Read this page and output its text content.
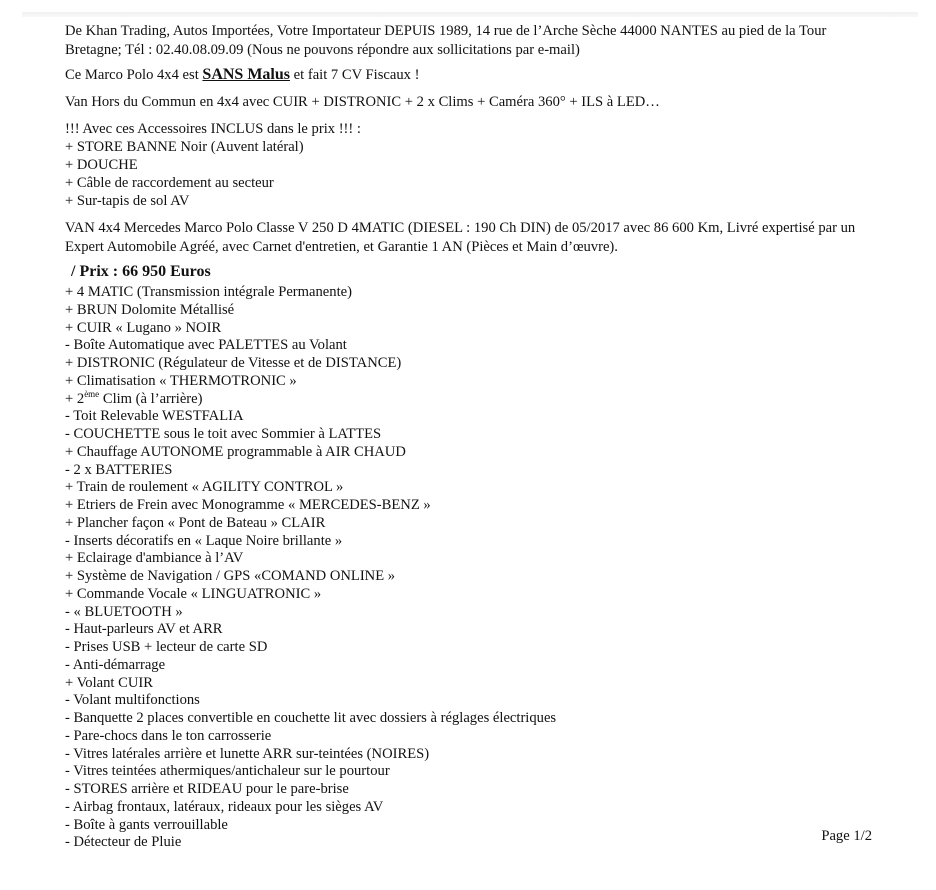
De Khan Trading, Autos Importées, Votre Importateur DEPUIS 1989, 14 rue de l’Arche Sèche 44000 NANTES au pied de la Tour Bretagne; Tél : 02.40.08.09.09 (Nous ne pouvons répondre aux sollicitations par e-mail)

Ce Marco Polo 4x4 est SANS Malus et fait 7 CV Fiscaux !

Van Hors du Commun en 4x4 avec CUIR + DISTRONIC + 2 x Clims + Caméra 360° + ILS à LED…

!!! Avec ces Accessoires INCLUS dans le prix !!! :
+ STORE BANNE Noir (Auvent latéral)
+ DOUCHE
+ Câble de raccordement au secteur
+ Sur-tapis de sol AV

VAN 4x4 Mercedes Marco Polo Classe V 250 D 4MATIC (DIESEL : 190 Ch DIN) de 05/2017 avec 86 600 Km, Livré expertisé par un Expert Automobile Agréé, avec Carnet d'entretien, et Garantie 1 AN (Pièces et Main d’œuvre).

/ Prix : 66 950 Euros
+ 4 MATIC (Transmission intégrale Permanente)
+ BRUN Dolomite Métallisé
+ CUIR « Lugano » NOIR
- Boîte Automatique avec PALETTES au Volant
+ DISTRONIC (Régulateur de Vitesse et de DISTANCE)
+ Climatisation « THERMOTRONIC »
+ 2ème Clim (à l’arrière)
- Toit Relevable WESTFALIA
- COUCHETTE sous le toit avec Sommier à LATTES
+ Chauffage AUTONOME programmable à AIR CHAUD
- 2 x BATTERIES
+ Train de roulement « AGILITY CONTROL »
+ Etriers de Frein avec Monogramme « MERCEDES-BENZ »
+ Plancher façon « Pont de Bateau » CLAIR
- Inserts décoratifs en « Laque Noire brillante »
+ Eclairage d'ambiance à l’AV
+ Système de Navigation / GPS «COMAND ONLINE »
+ Commande Vocale « LINGUATRONIC »
- « BLUETOOTH »
- Haut-parleurs AV et ARR
- Prises USB + lecteur de carte SD
- Anti-démarrage
+ Volant CUIR
- Volant multifonctions
- Banquette 2 places convertible en couchette lit avec dossiers à réglages électriques
- Pare-chocs dans le ton carrosserie
- Vitres latérales arrière et lunette ARR sur-teintées (NOIRES)
- Vitres teintées athermiques/antichaleur sur le pourtour
- STORES arrière et RIDEAU pour le pare-brise
- Airbag frontaux, latéraux, rideaux pour les sièges AV
- Boîte à gants verrouillable
- Détecteur de Pluie	Page 1/2
